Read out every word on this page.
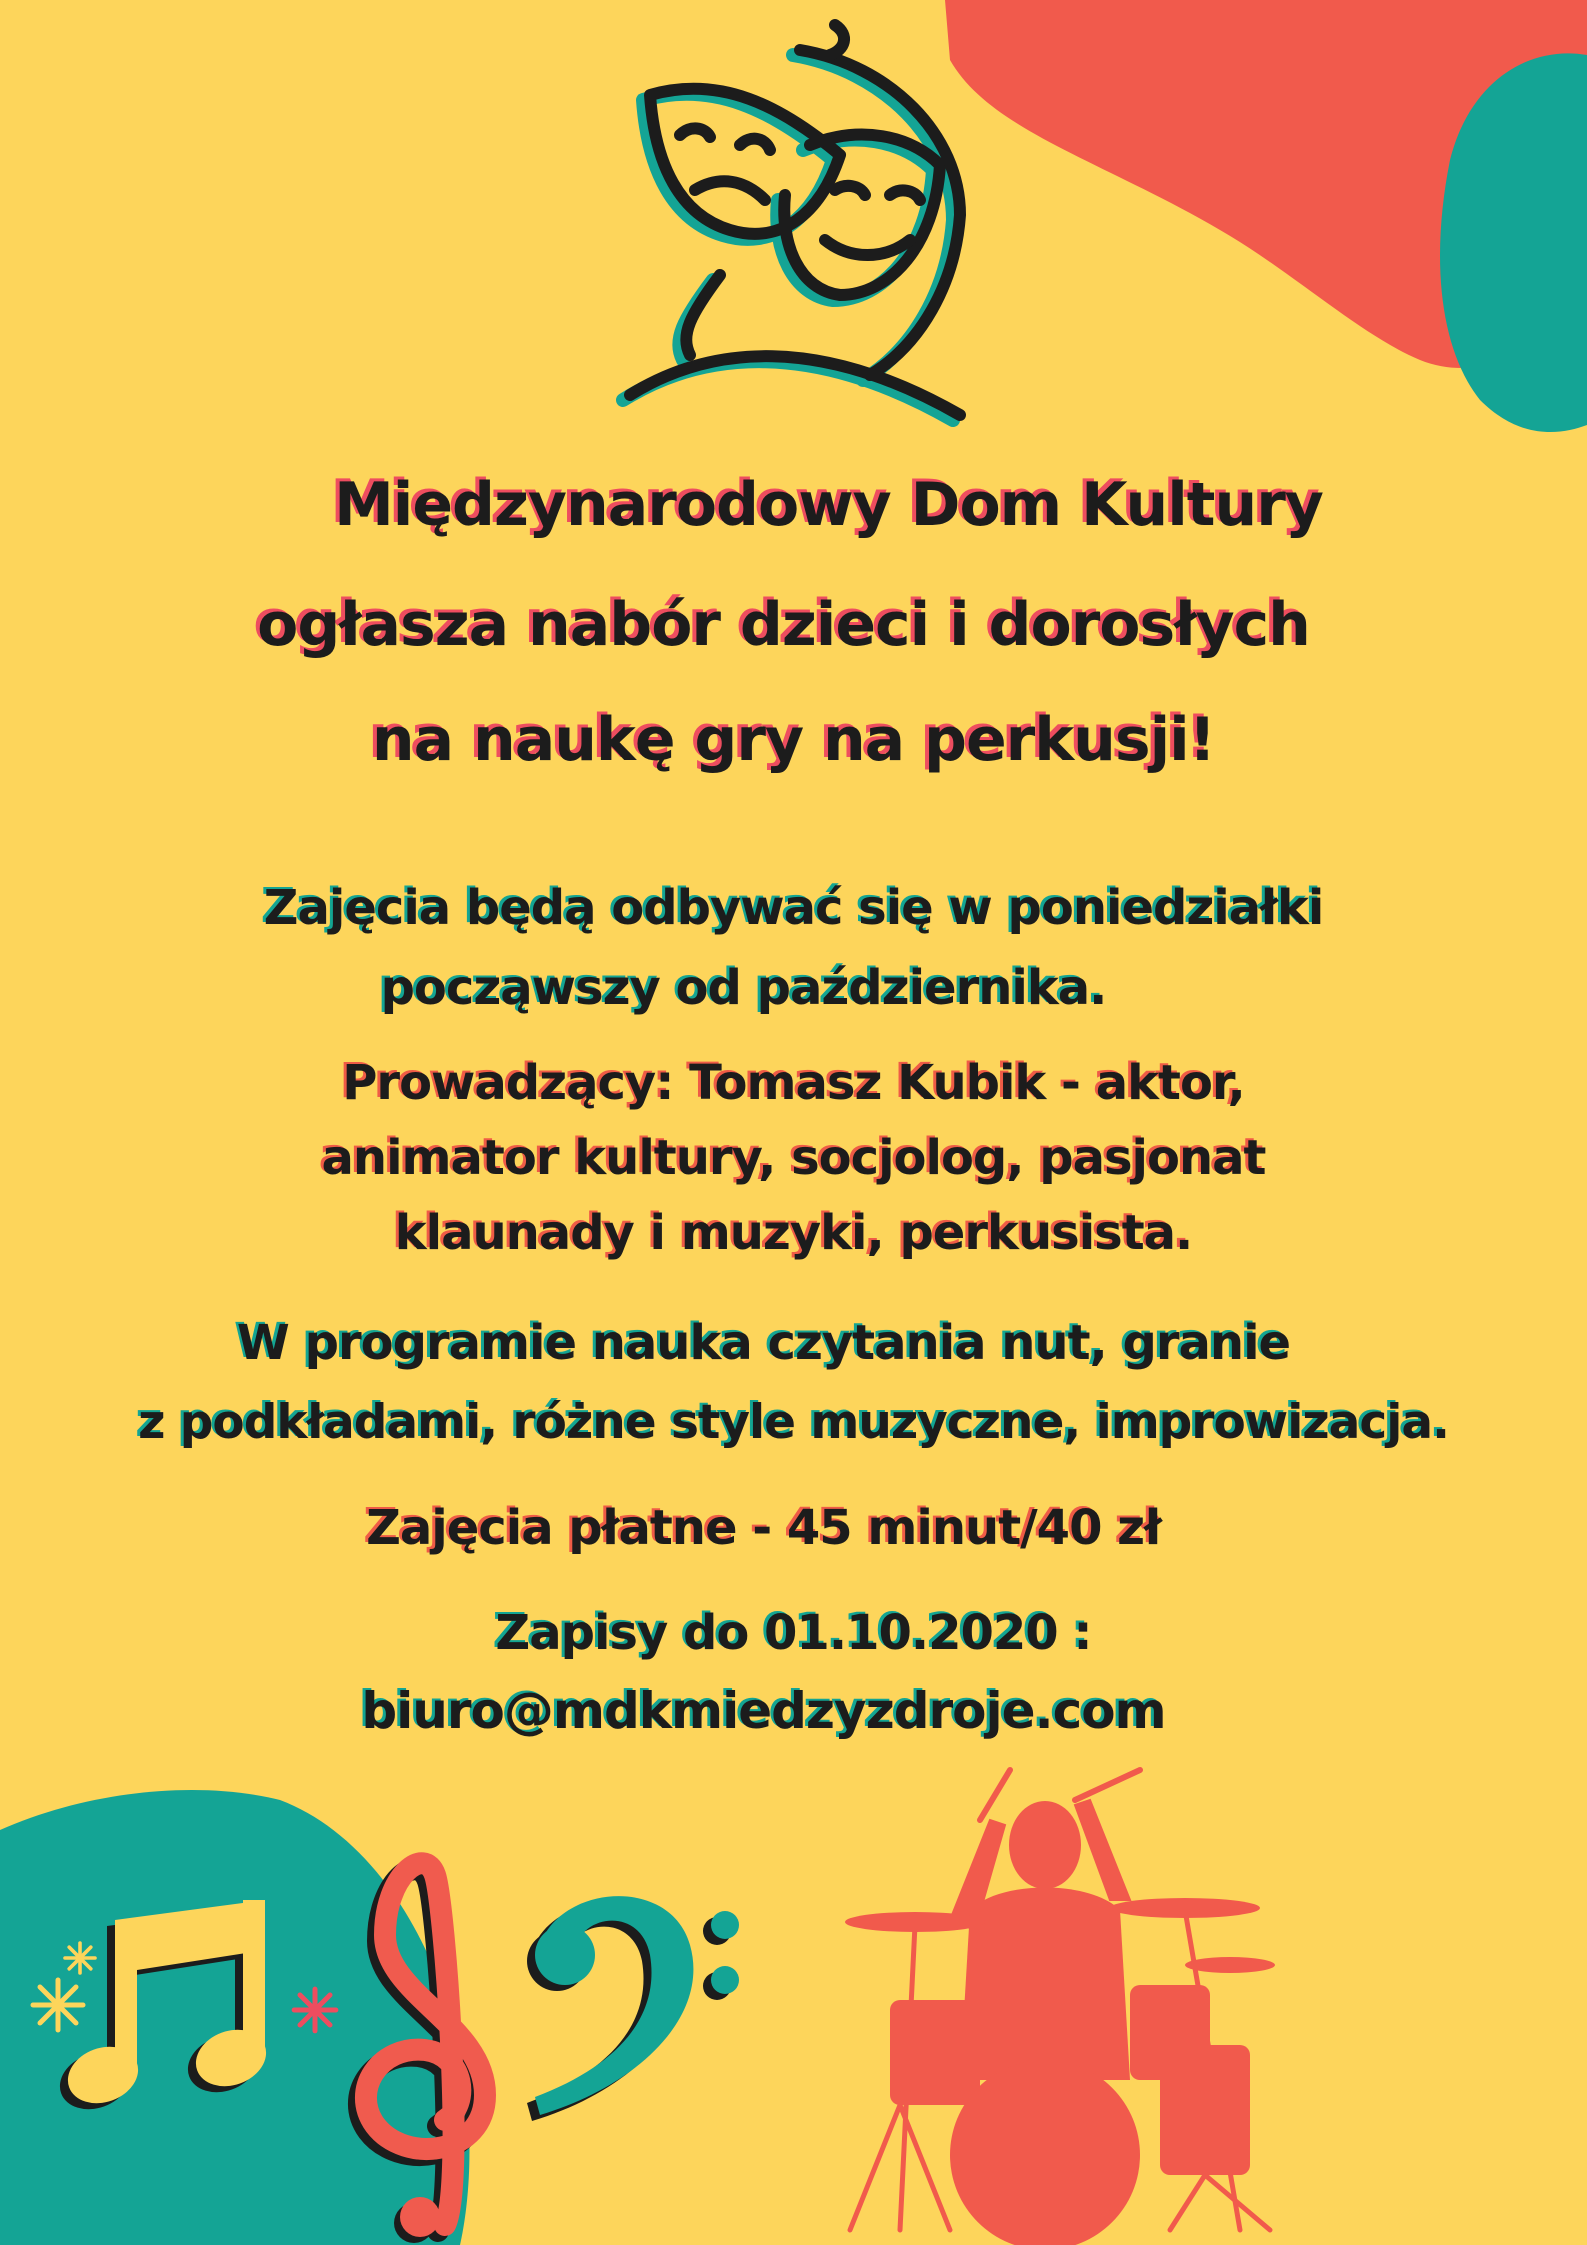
Międzynarodowy Dom Kultury

ogłasza nabór dzieci i dorosłych

na naukę gry na perkusji!

Zajęcia będą odbywać się w poniedziałki

począwszy od października.

Prowadzący: Tomasz Kubik - aktor,

animator kultury, socjolog, pasjonat

klaunady i muzyki, perkusista.

W programie nauka czytania nut, granie

z podkładami, różne style muzyczne, improwizacja.

Zajęcia płatne - 45 minut/40 zł

Zapisy do 01.10.2020 :

biuro@mdkmiedzyzdroje.com
